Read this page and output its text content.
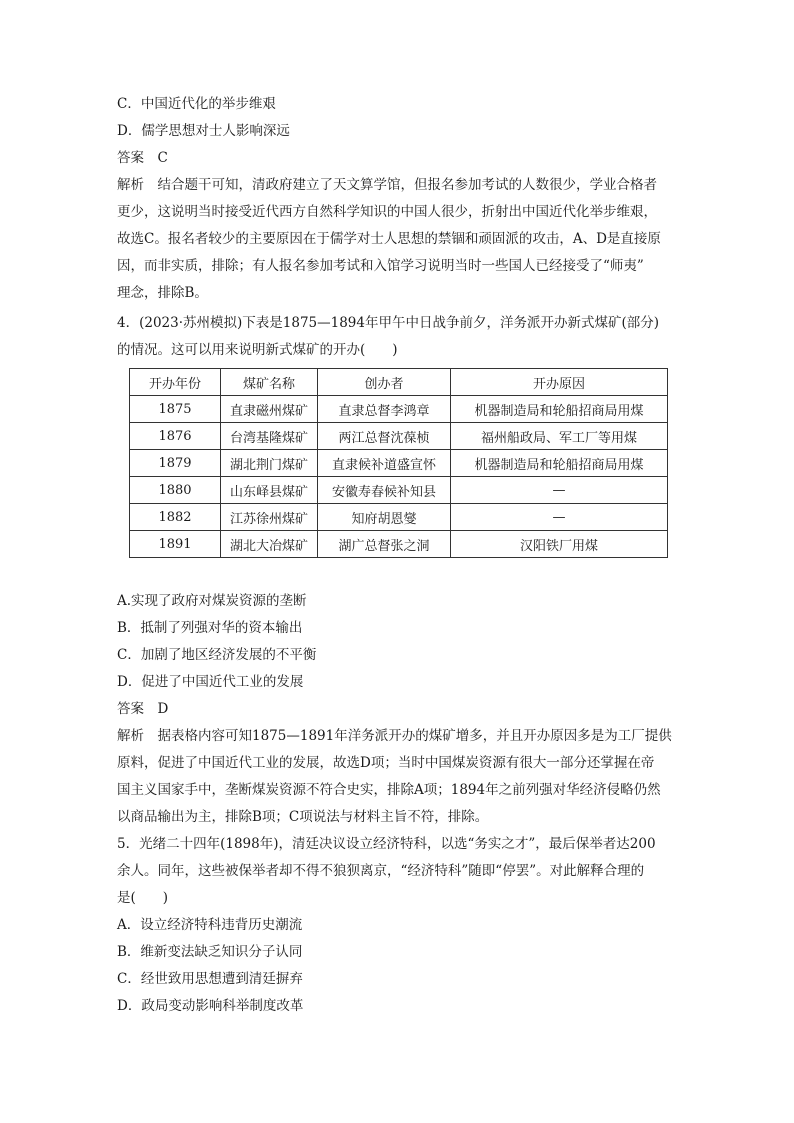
C．中国近代化的举步维艰
D．儒学思想对士人影响深远
答案　C
解析　结合题干可知，清政府建立了天文算学馆，但报名参加考试的人数很少，学业合格者
更少，这说明当时接受近代西方自然科学知识的中国人很少，折射出中国近代化举步维艰，
故选C。报名者较少的主要原因在于儒学对士人思想的禁锢和顽固派的攻击，A、D是直接原
因，而非实质，排除；有人报名参加考试和入馆学习说明当时一些国人已经接受了“师夷”
理念，排除B。
4．(2023·苏州模拟)下表是1875—1894年甲午中日战争前夕，洋务派开办新式煤矿(部分)
的情况。这可以用来说明新式煤矿的开办(　　)
开办年份	煤矿名称	创办者	开办原因
1875	直隶磁州煤矿	直隶总督李鸿章	机器制造局和轮船招商局用煤
1876	台湾基隆煤矿	两江总督沈葆桢	福州船政局、军工厂等用煤
1879	湖北荆门煤矿	直隶候补道盛宣怀	机器制造局和轮船招商局用煤
1880	山东峄县煤矿	安徽寿春候补知县	—
1882	江苏徐州煤矿	知府胡恩燮	—
1891	湖北大冶煤矿	湖广总督张之洞	汉阳铁厂用煤
A.实现了政府对煤炭资源的垄断
B．抵制了列强对华的资本输出
C．加剧了地区经济发展的不平衡
D．促进了中国近代工业的发展
答案　D
解析　据表格内容可知1875—1891年洋务派开办的煤矿增多，并且开办原因多是为工厂提供
原料，促进了中国近代工业的发展，故选D项；当时中国煤炭资源有很大一部分还掌握在帝
国主义国家手中，垄断煤炭资源不符合史实，排除A项；1894年之前列强对华经济侵略仍然
以商品输出为主，排除B项；C项说法与材料主旨不符，排除。
5．光绪二十四年(1898年)，清廷决议设立经济特科，以选“务实之才”，最后保举者达200
余人。同年，这些被保举者却不得不狼狈离京，“经济特科”随即“停罢”。对此解释合理的
是(　　)
A．设立经济特科违背历史潮流
B．维新变法缺乏知识分子认同
C．经世致用思想遭到清廷摒弃
D．政局变动影响科举制度改革
